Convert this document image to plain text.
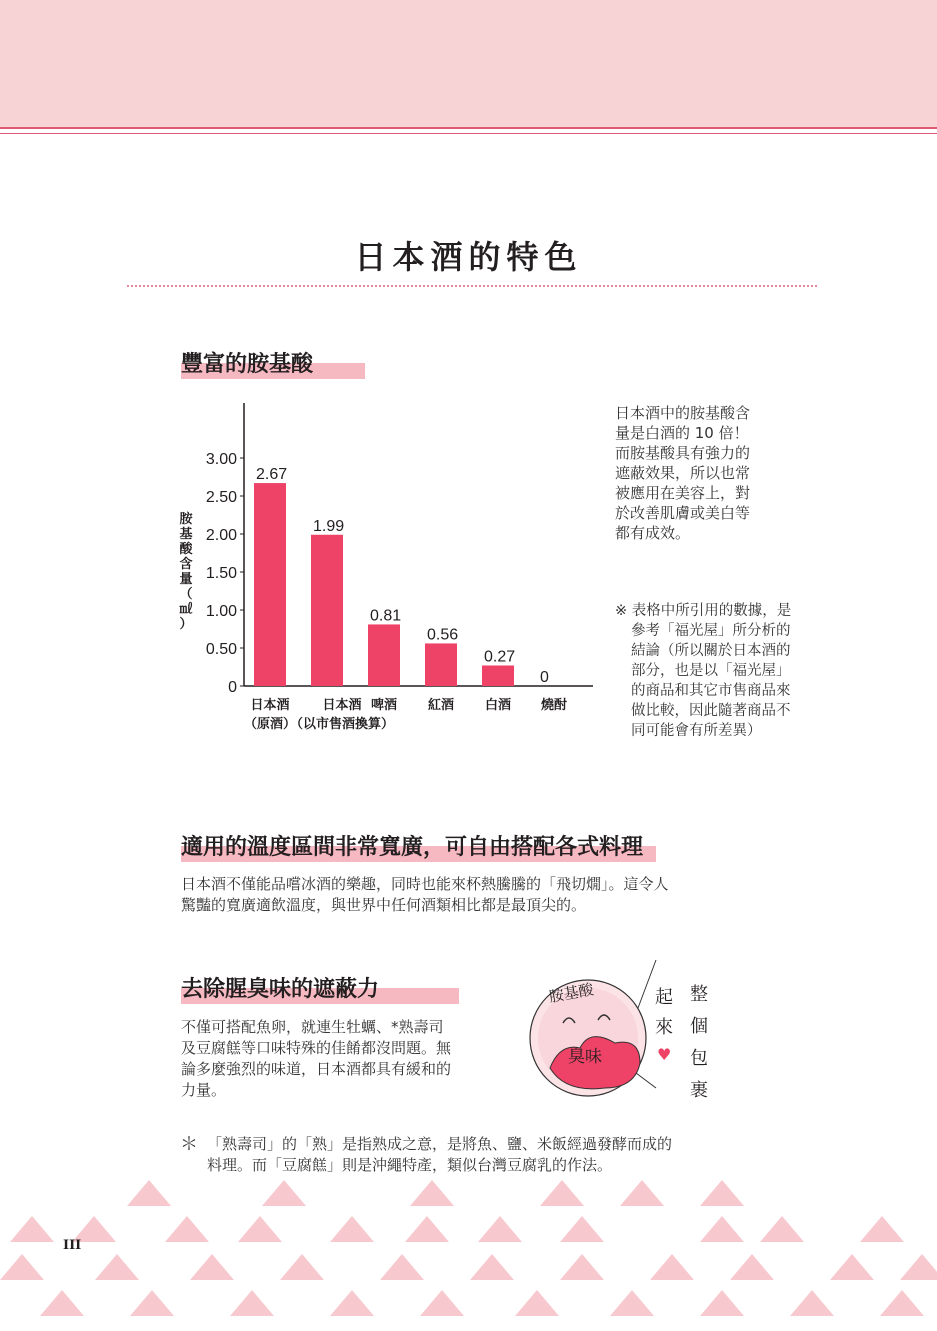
日本酒的特色
豐富的胺基酸
0
0.50
1.00
1.50
2.00
2.50
3.00
胺
基
酸
含
量
（
㎖
）
2.67
1.99
0.81
0.56
0.27
0
日本酒
（原酒）
日本酒
（以市售酒換算）
啤酒 紅酒 白酒 燒酎
日本酒中的胺基酸含
量是白酒的 10 倍！
而胺基酸具有強力的
遮蔽效果，所以也常
被應用在美容上，對
於改善肌膚或美白等
都有成效。
※ 表格中所引用的數據，是
參考「福光屋」所分析的
結論（所以關於日本酒的
部分，也是以「福光屋」
的商品和其它市售商品來
做比較，因此隨著商品不
同可能會有所差異）
適用的溫度區間非常寬廣，可自由搭配各式料理
日本酒不僅能品嚐冰酒的樂趣，同時也能來杯熱騰騰的「飛切燗」。這令人
驚豔的寬廣適飲溫度，與世界中任何酒類相比都是最頂尖的。
去除腥臭味的遮蔽力
不僅可搭配魚卵，就連生牡蠣、*熟壽司
及豆腐餻等口味特殊的佳餚都沒問題。無
論多麼強烈的味道，日本酒都具有緩和的
力量。
臭味
胺基酸	起
來
♥
整
個
包
裹
＊ 「熟壽司」的「熟」是指熟成之意，是將魚、鹽、米飯經過發酵而成的
料理。而「豆腐餻」則是沖繩特產，類似台灣豆腐乳的作法。
III
